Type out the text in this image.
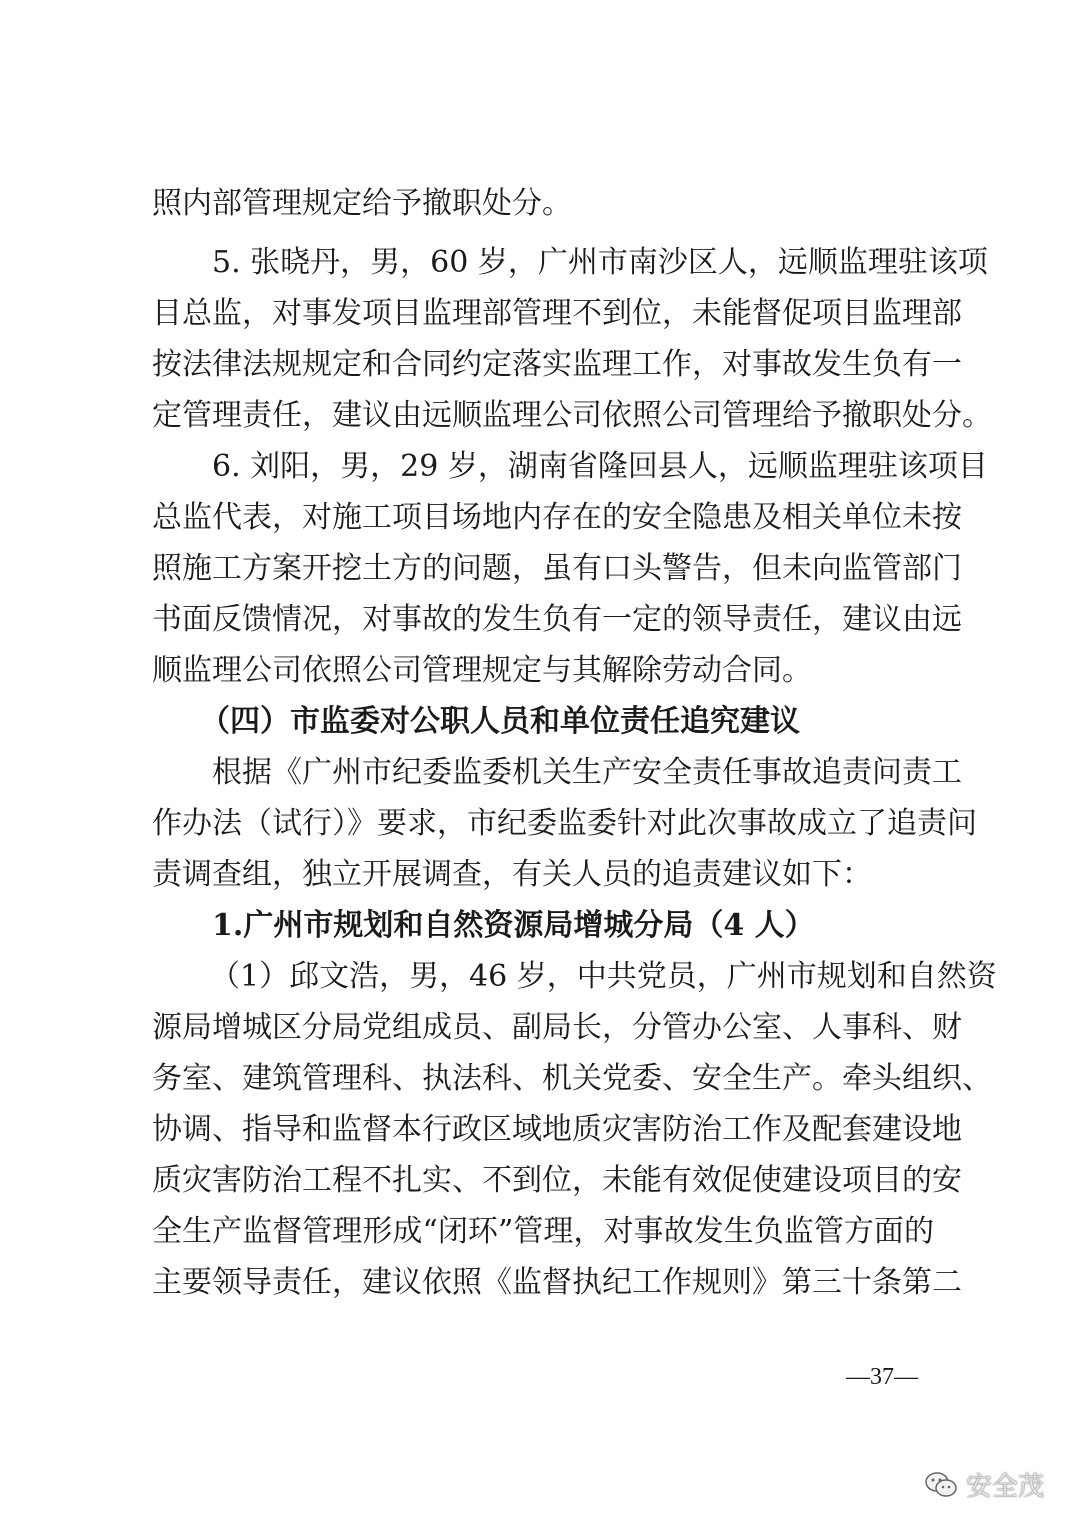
照内部管理规定给予撤职处分。
5. 张晓丹，男，60 岁，广州市南沙区人，远顺监理驻该项
目总监，对事发项目监理部管理不到位，未能督促项目监理部
按法律法规规定和合同约定落实监理工作，对事故发生负有一
定管理责任，建议由远顺监理公司依照公司管理给予撤职处分。
6. 刘阳，男，29 岁，湖南省隆回县人，远顺监理驻该项目
总监代表，对施工项目场地内存在的安全隐患及相关单位未按
照施工方案开挖土方的问题，虽有口头警告，但未向监管部门
书面反馈情况，对事故的发生负有一定的领导责任，建议由远
顺监理公司依照公司管理规定与其解除劳动合同。
（四）市监委对公职人员和单位责任追究建议
根据《广州市纪委监委机关生产安全责任事故追责问责工
作办法（试行）》要求，市纪委监委针对此次事故成立了追责问
责调查组，独立开展调查，有关人员的追责建议如下：
1.广州市规划和自然资源局增城分局（4 人）
（1）邱文浩，男，46 岁，中共党员，广州市规划和自然资
源局增城区分局党组成员、副局长，分管办公室、人事科、财
务室、建筑管理科、执法科、机关党委、安全生产。牵头组织、
协调、指导和监督本行政区域地质灾害防治工作及配套建设地
质灾害防治工程不扎实、不到位，未能有效促使建设项目的安
全生产监督管理形成“闭环”管理，对事故发生负监管方面的
主要领导责任，建议依照《监督执纪工作规则》第三十条第二
—37—
安全茂
